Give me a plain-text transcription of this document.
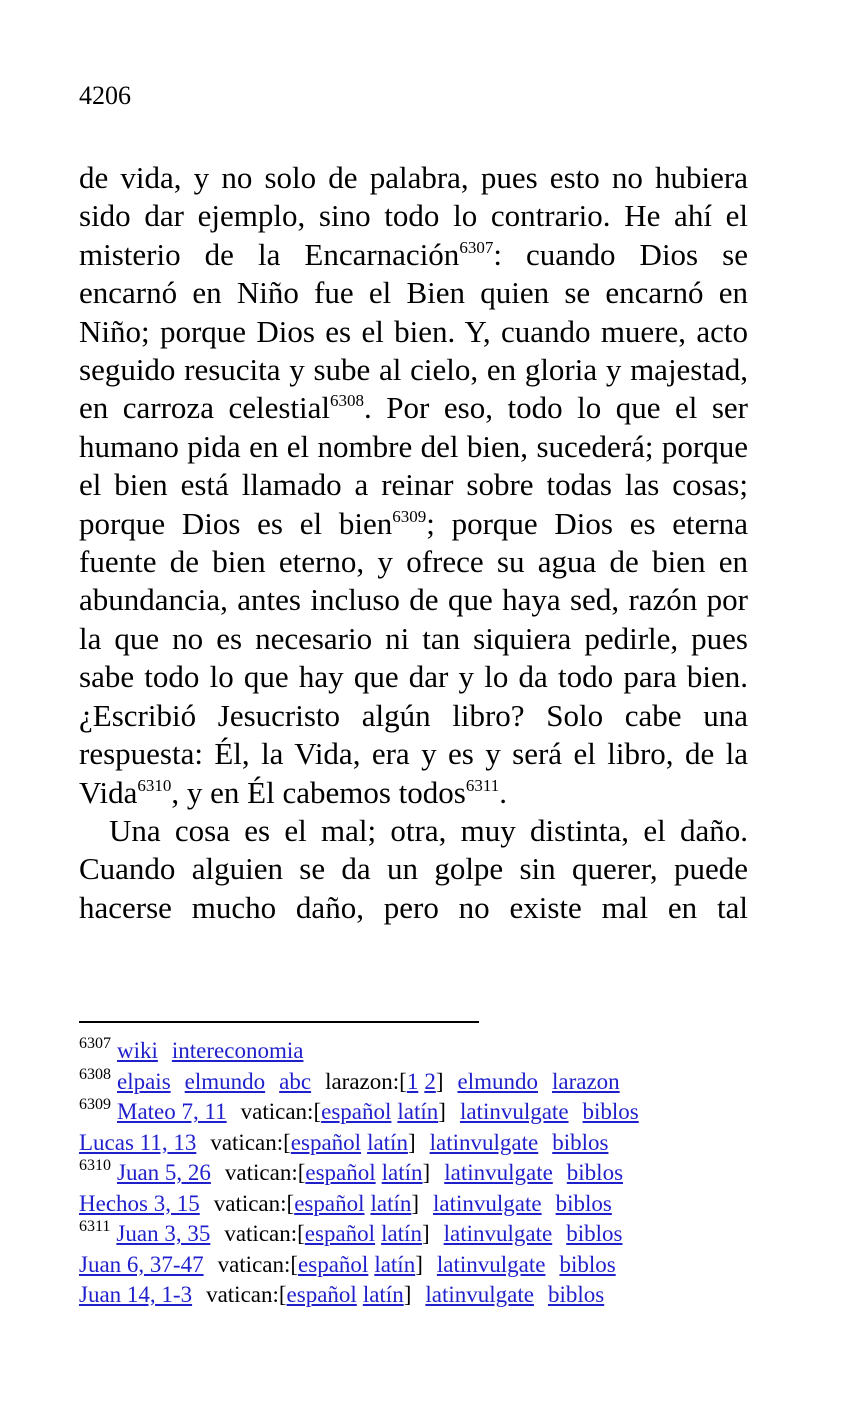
4206

de vida, y no solo de palabra, pues esto no hubiera sido dar ejemplo, sino todo lo contrario. He ahí el misterio de la Encarnación$^{6307}$: cuando Dios se encarnó en Niño fue el Bien quien se encarnó en Niño; porque Dios es el bien. Y, cuando muere, acto seguido resucita y sube al cielo, en gloria y majestad, en carroza celestial$^{6308}$. Por eso, todo lo que el ser humano pida en el nombre del bien, sucederá; porque el bien está llamado a reinar sobre todas las cosas; porque Dios es el bien$^{6309}$; porque Dios es eterna fuente de bien eterno, y ofrece su agua de bien en abundancia, antes incluso de que haya sed, razón por la que no es necesario ni tan siquiera pedirle, pues sabe todo lo que hay que dar y lo da todo para bien. ¿Escribió Jesucristo algún libro? Solo cabe una respuesta: Él, la Vida, era y es y será el libro, de la Vida$^{6310}$, y en Él cabemos todos$^{6311}$.

Una cosa es el mal; otra, muy distinta, el daño. Cuando alguien se da un golpe sin querer, puede hacerse mucho daño, pero no existe mal en tal

$^{6307}$ wiki intereconomia
$^{6308}$ elpais elmundo abc larazon:[1 2] elmundo larazon
$^{6309}$ Mateo 7, 11 vatican:[español latín] latinvulgate biblos
Lucas 11, 13 vatican:[español latín] latinvulgate biblos
$^{6310}$ Juan 5, 26 vatican:[español latín] latinvulgate biblos
Hechos 3, 15 vatican:[español latín] latinvulgate biblos
$^{6311}$ Juan 3, 35 vatican:[español latín] latinvulgate biblos
Juan 6, 37-47 vatican:[español latín] latinvulgate biblos
Juan 14, 1-3 vatican:[español latín] latinvulgate biblos
